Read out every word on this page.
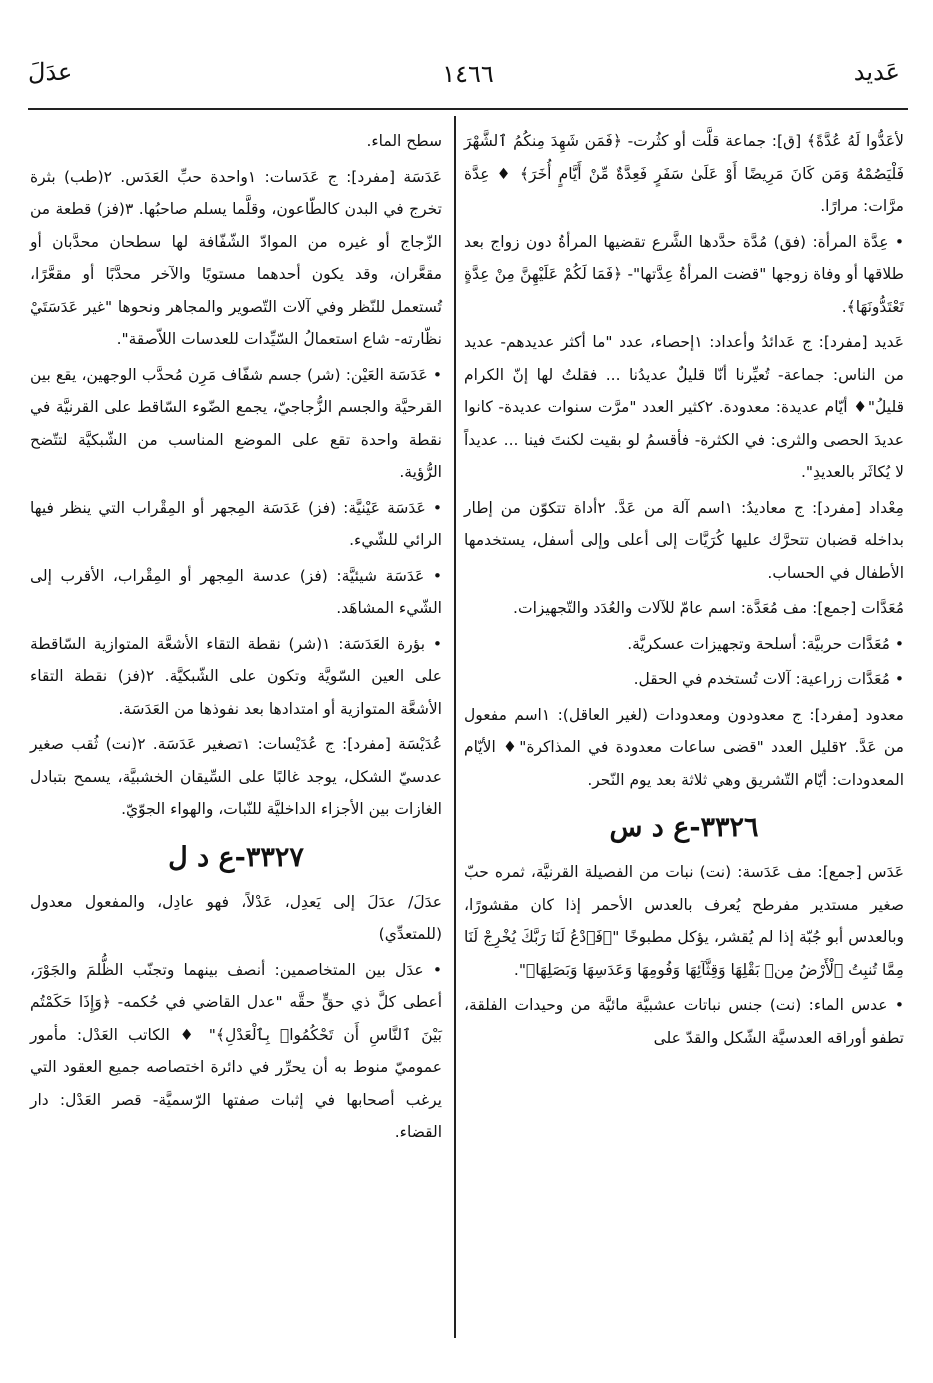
عَديد
١٤٦٦
عدَلَ

لأعَدُّوا لَهُ عُدَّةً﴾ [ق]: جماعة قلَّت أو كثُرت- ﴿فَمَن شَهِدَ مِنكُمُ ٱلشَّهْرَ فَلْيَصُمْهُ وَمَن كَانَ مَرِيضًا أَوْ عَلَىٰ سَفَرٍ فَعِدَّةٌ مِّنْ أَيَّامٍ أُخَرَ﴾ ♦ عِدَّة مرَّات: مرارًا.

• عِدَّة المرأة: (فق) مُدَّة حدَّدها الشَّرع تقضيها المرأةُ دون زواج بعد طلاقها أو وفاة زوجها "قضت المرأةُ عِدَّتها"- ﴿فَمَا لَكُمْ عَلَيْهِنَّ مِنْ عِدَّةٍ تَعْتَدُّونَهَا﴾.

عَديد [مفرد]: ج عَدائدُ وأعداد: ١إحصاء، عدد "ما أكثر عديدهم- عديد من الناس: جماعة- تُعيِّرنا أنّا قليلٌ عديدُنا ... فقلتُ لها إنّ الكرام قليلُ"♦ أيّام عديدة: معدودة. ٢كثير العدد "مرَّت سنوات عديدة- كانوا عديدَ الحصى والثرى: في الكثرة- فأقسمُ لو بقيت لكنتَ فينا ... عديداً لا يُكاثَر بالعديدِ".

مِعْداد [مفرد]: ج معاديدُ: ١اسم آلة من عَدَّ. ٢أداة تتكوّن من إطار بداخله قضبان تتحرَّك عليها كُرَيَّات إلى أعلى وإلى أسفل، يستخدمها الأطفال في الحساب.

مُعَدَّات [جمع]: مف مُعَدَّة: اسم عامّ للآلات والعُدَد والتّجهيزات.

• مُعَدَّات حربيَّة: أسلحة وتجهيزات عسكريَّة.

• مُعَدَّات زراعية: آلات تُستخدم في الحقل.

معدود [مفرد]: ج معدودون ومعدودات (لغير العاقل): ١اسم مفعول من عَدَّ. ٢قليل العدد "قضى ساعات معدودة في المذاكرة"♦ الأيّام المعدودات: أيّام التّشريق وهي ثلاثة بعد يوم النّحر.

٣٣٢٦-ع د س

عَدَس [جمع]: مف عَدَسة: (نت) نبات من الفصيلة القرنيَّة، ثمره حبّ صغير مستدير مفرطح يُعرف بالعدس الأحمر إذا كان مقشورًا، وبالعدس أبو جُبّة إذا لم يُقشر، يؤكل مطبوخًا "﴿فَٱدْعُ لَنَا رَبَّكَ يُخْرِجْ لَنَا مِمَّا تُنبِتُ ٱلْأَرْضُ مِنۢ بَقْلِهَا وَقِثَّآئِهَا وَفُومِهَا وَعَدَسِهَا وَبَصَلِهَا﴾".

• عدس الماء: (نت) جنس نباتات عشبيَّة مائيَّة من وحيدات الفلقة، تطفو أوراقه العدسيَّة الشّكل والقدّ على

سطح الماء.

عَدَسَة [مفرد]: ج عَدَسات: ١واحدة حبِّ العَدَس. ٢(طب) بثرة تخرج في البدن كالطّاعون، وقلَّما يسلم صاحبُها. ٣(فز) قطعة من الزّجاج أو غيره من الموادّ الشّفّافة لها سطحان محدَّبان أو مقعَّران، وقد يكون أحدهما مستويًا والآخر محدَّبًا أو مقعَّرًا، تُستعمل للنّظر وفي آلات التّصوير والمجاهر ونحوها "غير عَدَسَتَيْ نظّارته- شاع استعمالُ السّيِّدات للعدسات اللاّصقة".

• عَدَسَة العَيْن: (شر) جسم شفّاف مَرِن مُحدَّب الوجهين، يقع بين القرحيَّة والجسم الزُّجاجيّ، يجمع الضّوء السّاقط على القرنيَّة في نقطة واحدة تقع على الموضع المناسب من الشّبكيَّة لتتّضح الرُّؤية.

• عَدَسَة عَيْنيَّة: (فز) عَدَسَة المِجهر أو المِقْراب التي ينظر فيها الرائي للشّيء.

• عَدَسَة شيئيَّة: (فز) عدسة المِجهر أو المِقْراب، الأقرب إلى الشّيء المشاهَد.

• بؤرة العَدَسَة: ١(شر) نقطة التقاء الأشعَّة المتوازية السّاقطة على العين السّويَّة وتكون على الشّبكيَّة. ٢(فز) نقطة التقاء الأشعَّة المتوازية أو امتدادها بعد نفوذها من العَدَسَة.

عُدَيْسَة [مفرد]: ج عُدَيْسات: ١تصغير عَدَسَة. ٢(نت) ثُقب صغير عدسيّ الشكل، يوجد غالبًا على السِّيقان الخشبيَّة، يسمح بتبادل الغازات بين الأجزاء الداخليَّة للنّبات، والهواء الجوّيّ.

٣٣٢٧-ع د ل

عدَلَ/ عدَلَ إلى يَعدِل، عَدْلاً، فهو عادِل، والمفعول معدول (للمتعدِّي)

• عدَل بين المتخاصمين: أنصف بينهما وتجنّب الظُّلمَ والجَوْرَ، أعطى كلَّ ذي حقٍّ حقَّه "عدل القاضي في حُكمه- ﴿وَإِذَا حَكَمْتُم بَيْنَ ٱلنَّاسِ أَن تَحْكُمُوا۟ بِٱلْعَدْلِ﴾" ♦ الكاتب العَدْل: مأمور عموميّ منوط به أن يحرِّر في دائرة اختصاصه جميع العقود التي يرغب أصحابها في إثبات صفتها الرّسميَّة- قصر العَدْل: دار القضاء.
